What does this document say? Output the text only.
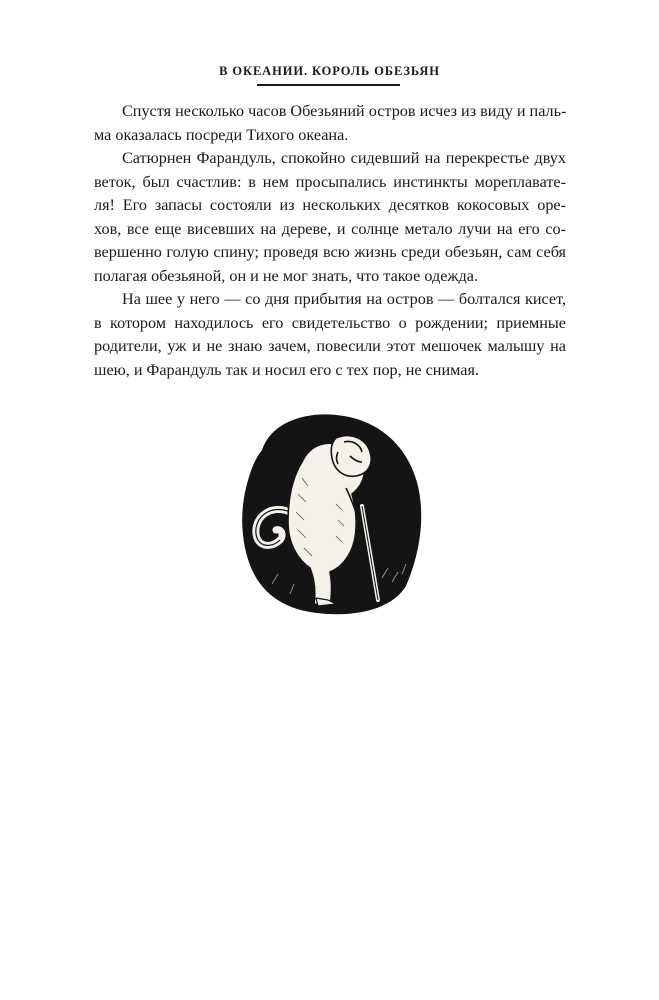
В ОКЕАНИИ. КОРОЛЬ ОБЕЗЬЯН
Спустя несколько часов Обезьяний остров исчез из виду и паль-
ма оказалась посреди Тихого океана.
Сатюрнен Фарандуль, спокойно сидевший на перекрестье двух
веток, был счастлив: в нем просыпались инстинкты мореплавате-
ля! Его запасы состояли из нескольких десятков кокосовых оре-
хов, все еще висевших на дереве, и солнце метало лучи на его со-
вершенно голую спину; проведя всю жизнь среди обезьян, сам себя
полагая обезьяной, он и не мог знать, что такое одежда.
На шее у него — со дня прибытия на остров — болтался кисет,
в котором находилось его свидетельство о рождении; приемные
родители, уж и не знаю зачем, повесили этот мешочек малышу на
шею, и Фарандуль так и носил его с тех пор, не снимая.
